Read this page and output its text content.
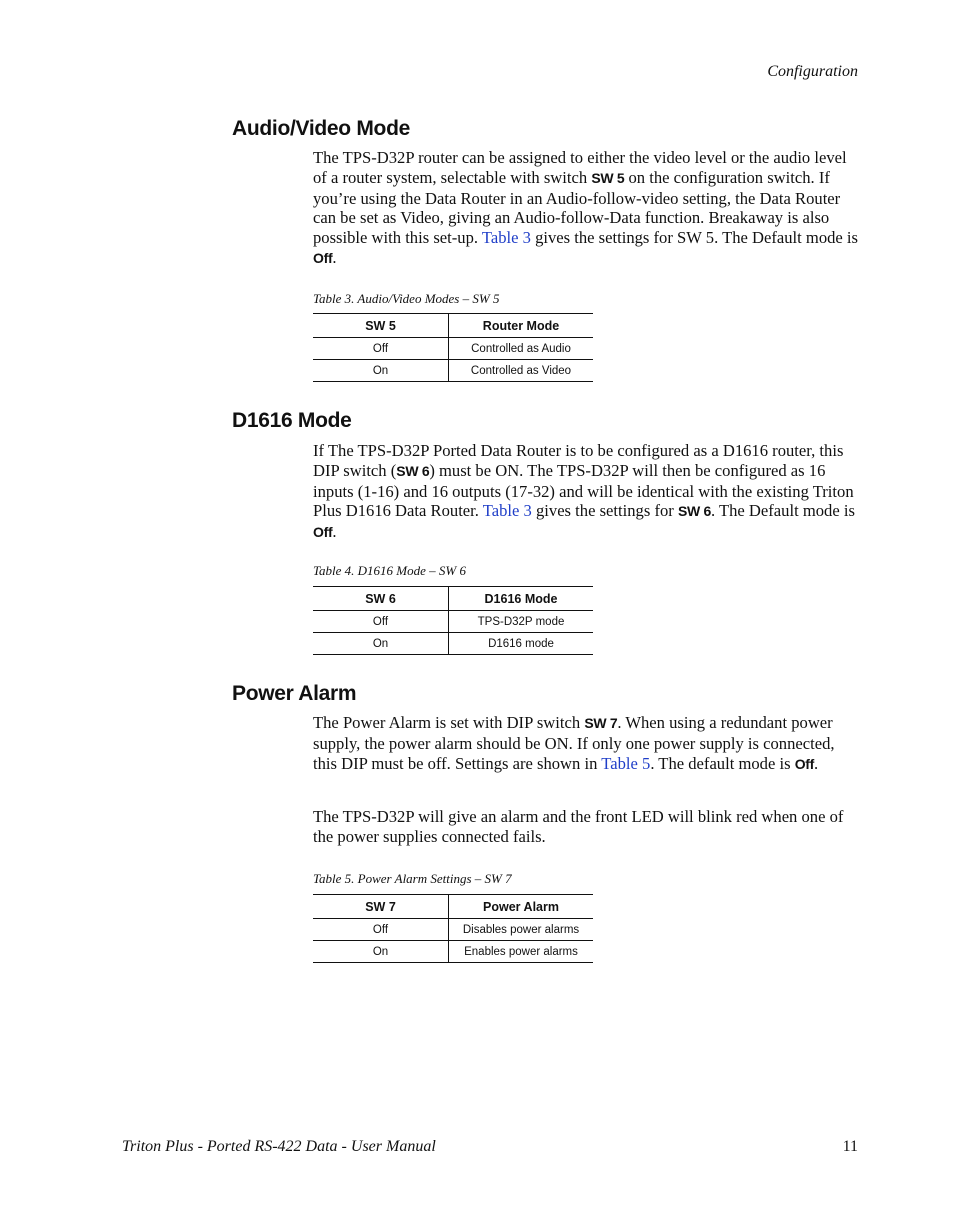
Configuration
Audio/Video Mode

The TPS-D32P router can be assigned to either the video level or the audio level of a router system, selectable with switch SW 5 on the configuration switch. If you’re using the Data Router in an Audio-follow-video setting, the Data Router can be set as Video, giving an Audio-follow-Data function. Breakaway is also possible with this set-up. Table 3 gives the settings for SW 5. The Default mode is Off.

Table 3. Audio/Video Modes – SW 5
SW 5	Router Mode
Off	Controlled as Audio
On	Controlled as Video
D1616 Mode

If The TPS-D32P Ported Data Router is to be configured as a D1616 router, this DIP switch (SW 6) must be ON. The TPS-D32P will then be configured as 16 inputs (1-16) and 16 outputs (17-32) and will be identical with the existing Triton Plus D1616 Data Router. Table 3 gives the settings for SW 6. The Default mode is Off.

Table 4. D1616 Mode – SW 6
SW 6	D1616 Mode
Off	TPS-D32P mode
On	D1616 mode
Power Alarm

The Power Alarm is set with DIP switch SW 7. When using a redundant power supply, the power alarm should be ON. If only one power supply is connected, this DIP must be off. Settings are shown in Table 5. The default mode is Off.

The TPS-D32P will give an alarm and the front LED will blink red when one of the power supplies connected fails.

Table 5. Power Alarm Settings – SW 7
SW 7	Power Alarm
Off	Disables power alarms
On	Enables power alarms
Triton Plus - Ported RS-422 Data - User Manual	11
